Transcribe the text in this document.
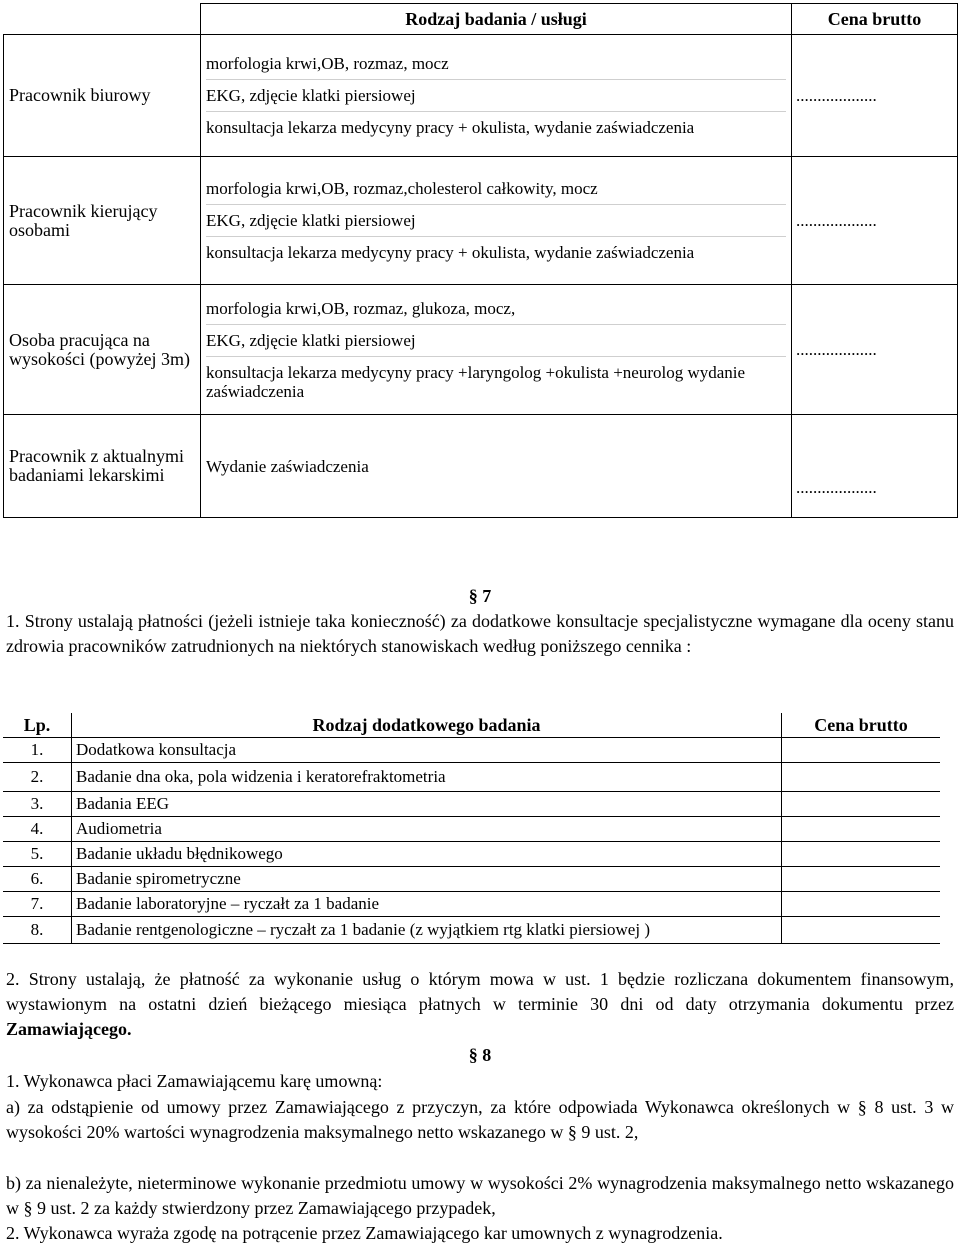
	Rodzaj badania / usługi	Cena brutto
Pracownik biurowy	morfologia krwi,OB, rozmaz, mocz
EKG, zdjęcie klatki piersiowej
konsultacja lekarza medycyny pracy + okulista, wydanie zaświadczenia	...................
Pracownik kierujący osobami	morfologia krwi,OB, rozmaz,cholesterol całkowity, mocz
EKG, zdjęcie klatki piersiowej
konsultacja lekarza medycyny pracy + okulista, wydanie zaświadczenia	...................
Osoba pracująca na wysokości (powyżej 3m)	morfologia krwi,OB, rozmaz, glukoza, mocz,
EKG, zdjęcie klatki piersiowej
konsultacja lekarza medycyny pracy +laryngolog +okulista +neurolog wydanie zaświadczenia	...................
Pracownik z aktualnymi badaniami lekarskimi	Wydanie zaświadczenia	...................
§ 7
1. Strony ustalają płatności (jeżeli istnieje taka konieczność) za dodatkowe konsultacje specjalistyczne wymagane dla oceny stanu zdrowia pracowników zatrudnionych na niektórych stanowiskach według poniższego cennika :
Lp.	Rodzaj dodatkowego badania	Cena brutto
1.	Dodatkowa konsultacja	
2.	Badanie dna oka, pola widzenia i keratorefraktometria	
3.	Badania EEG	
4.	Audiometria	
5.	Badanie układu błędnikowego	
6.	Badanie spirometryczne	
7.	Badanie laboratoryjne – ryczałt za 1 badanie	
8.	Badanie rentgenologiczne – ryczałt za 1 badanie (z wyjątkiem rtg klatki piersiowej )	
2. Strony ustalają, że płatność za wykonanie usług o którym mowa w ust. 1 będzie rozliczana dokumentem finansowym, wystawionym na ostatni dzień bieżącego miesiąca płatnych w terminie 30 dni od daty otrzymania dokumentu przez Zamawiającego.
§ 8
1. Wykonawca płaci Zamawiającemu karę umowną:
a) za odstąpienie od umowy przez Zamawiającego z przyczyn, za które odpowiada Wykonawca określonych w § 8 ust. 3 w wysokości 20% wartości wynagrodzenia maksymalnego netto wskazanego w § 9 ust. 2,
b) za nienależyte, nieterminowe wykonanie przedmiotu umowy w wysokości 2% wynagrodzenia maksymalnego netto wskazanego w § 9 ust. 2 za każdy stwierdzony przez Zamawiającego przypadek,
2. Wykonawca wyraża zgodę na potrącenie przez Zamawiającego kar umownych z wynagrodzenia.
